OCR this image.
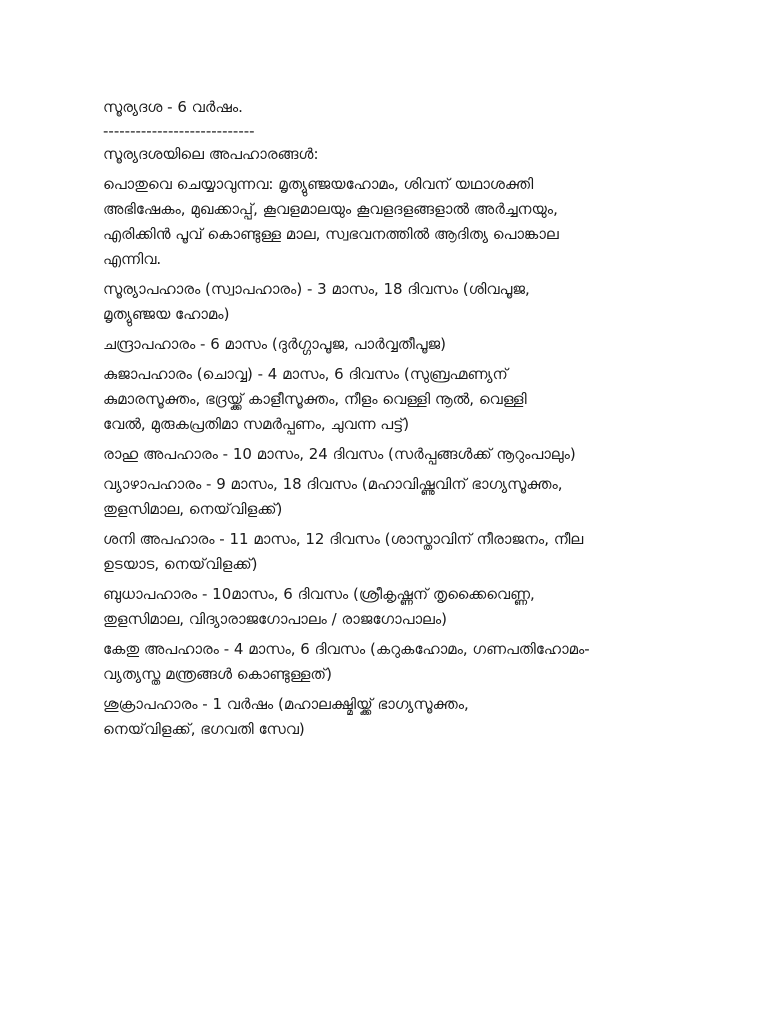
സൂര്യദശ - 6 വർഷം.

----------------------------

സൂര്യദശയിലെ അപഹാരങ്ങൾ:

പൊതുവെ ചെയ്യാവുന്നവ: മൃത്യുഞ്ജയഹോമം, ശിവന് യഥാശക്തി

അഭിഷേകം, മുഖക്കാപ്പ്, കൂവളമാലയും കൂവളദളങ്ങളാൽ അർച്ചനയും,

എരിക്കിൻ പൂവ് കൊണ്ടുള്ള മാല, സ്വഭവനത്തിൽ ആദിത്യ പൊങ്കാല

എന്നിവ.

സൂര്യാപഹാരം (സ്വാപഹാരം) - 3 മാസം, 18 ദിവസം (ശിവപൂജ,

മൃത്യുഞ്ജയ ഹോമം)

ചന്ദ്രാപഹാരം - 6 മാസം (ദുർഗ്ഗാപൂജ, പാർവ്വതീപൂജ)

കുജാപഹാരം (ചൊവ്വ) - 4 മാസം, 6 ദിവസം (സുബ്രഹ്മണ്യന്

കുമാരസൂക്തം, ഭദ്രയ്ക്ക് കാളീസൂക്തം, നീളം വെള്ളി നൂൽ, വെള്ളി

വേൽ, മുരുകപ്രതിമാ സമർപ്പണം, ചുവന്ന പട്ട്)

രാഹു അപഹാരം - 10 മാസം, 24 ദിവസം (സർപ്പങ്ങൾക്ക് നൂറുംപാലും)

വ്യാഴാപഹാരം - 9 മാസം, 18 ദിവസം (മഹാവിഷ്ണുവിന് ഭാഗ്യസൂക്തം,

തുളസിമാല, നെയ്‌വിളക്ക്)

ശനി അപഹാരം - 11 മാസം, 12 ദിവസം (ശാസ്താവിന് നീരാജനം, നീല

ഉടയാട, നെയ്‌വിളക്ക്)

ബുധാപഹാരം - 10മാസം, 6 ദിവസം (ശ്രീകൃഷ്ണന് തൃക്കൈവെണ്ണ,

തുളസിമാല, വിദ്യാരാജഗോപാലം / രാജഗോപാലം)

കേതു അപഹാരം - 4 മാസം, 6 ദിവസം (കറുകഹോമം, ഗണപതിഹോമം-

വ്യത്യസ്ത മന്ത്രങ്ങൾ കൊണ്ടുള്ളത്)

ശുക്രാപഹാരം - 1 വർഷം (മഹാലക്ഷ്മിയ്ക്ക് ഭാഗ്യസൂക്തം,

നെയ്‌വിളക്ക്, ഭഗവതി സേവ)
